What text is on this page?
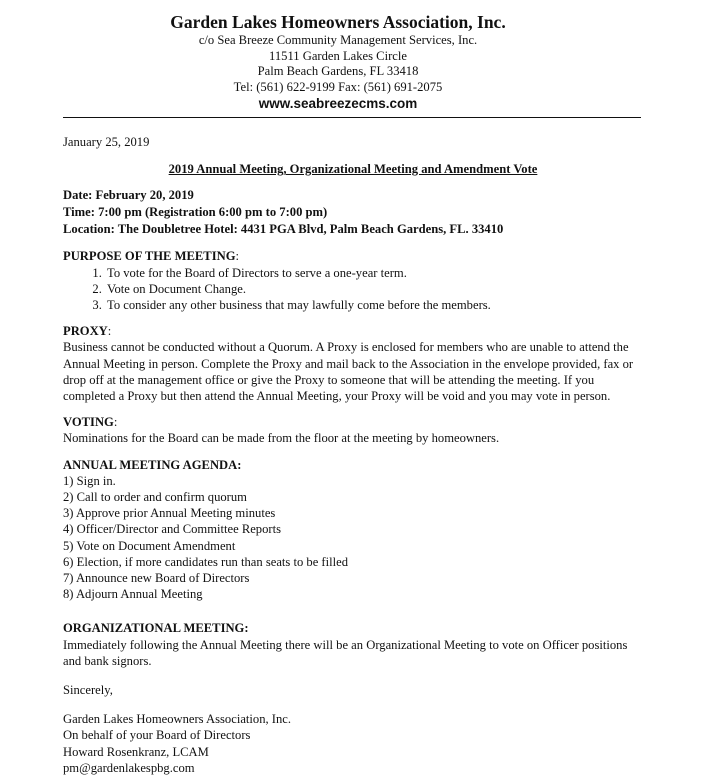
Garden Lakes Homeowners Association, Inc.
c/o Sea Breeze Community Management Services, Inc.
11511 Garden Lakes Circle
Palm Beach Gardens, FL 33418
Tel: (561) 622-9199 Fax: (561) 691-2075
www.seabreezecms.com
January 25, 2019
2019 Annual Meeting, Organizational Meeting and Amendment Vote
Date: February 20, 2019
Time: 7:00 pm (Registration 6:00 pm to 7:00 pm)
Location: The Doubletree Hotel: 4431 PGA Blvd, Palm Beach Gardens, FL. 33410
PURPOSE OF THE MEETING:
1. To vote for the Board of Directors to serve a one-year term.
2. Vote on Document Change.
3. To consider any other business that may lawfully come before the members.
PROXY:
Business cannot be conducted without a Quorum. A Proxy is enclosed for members who are unable to attend the Annual Meeting in person. Complete the Proxy and mail back to the Association in the envelope provided, fax or drop off at the management office or give the Proxy to someone that will be attending the meeting. If you completed a Proxy but then attend the Annual Meeting, your Proxy will be void and you may vote in person.
VOTING:
Nominations for the Board can be made from the floor at the meeting by homeowners.
ANNUAL MEETING AGENDA:
1) Sign in.
2) Call to order and confirm quorum
3) Approve prior Annual Meeting minutes
4) Officer/Director and Committee Reports
5) Vote on Document Amendment
6) Election, if more candidates run than seats to be filled
7) Announce new Board of Directors
8) Adjourn Annual Meeting
ORGANIZATIONAL MEETING:
Immediately following the Annual Meeting there will be an Organizational Meeting to vote on Officer positions and bank signors.
Sincerely,
Garden Lakes Homeowners Association, Inc.
On behalf of your Board of Directors
Howard Rosenkranz, LCAM
pm@gardenlakespbg.com
